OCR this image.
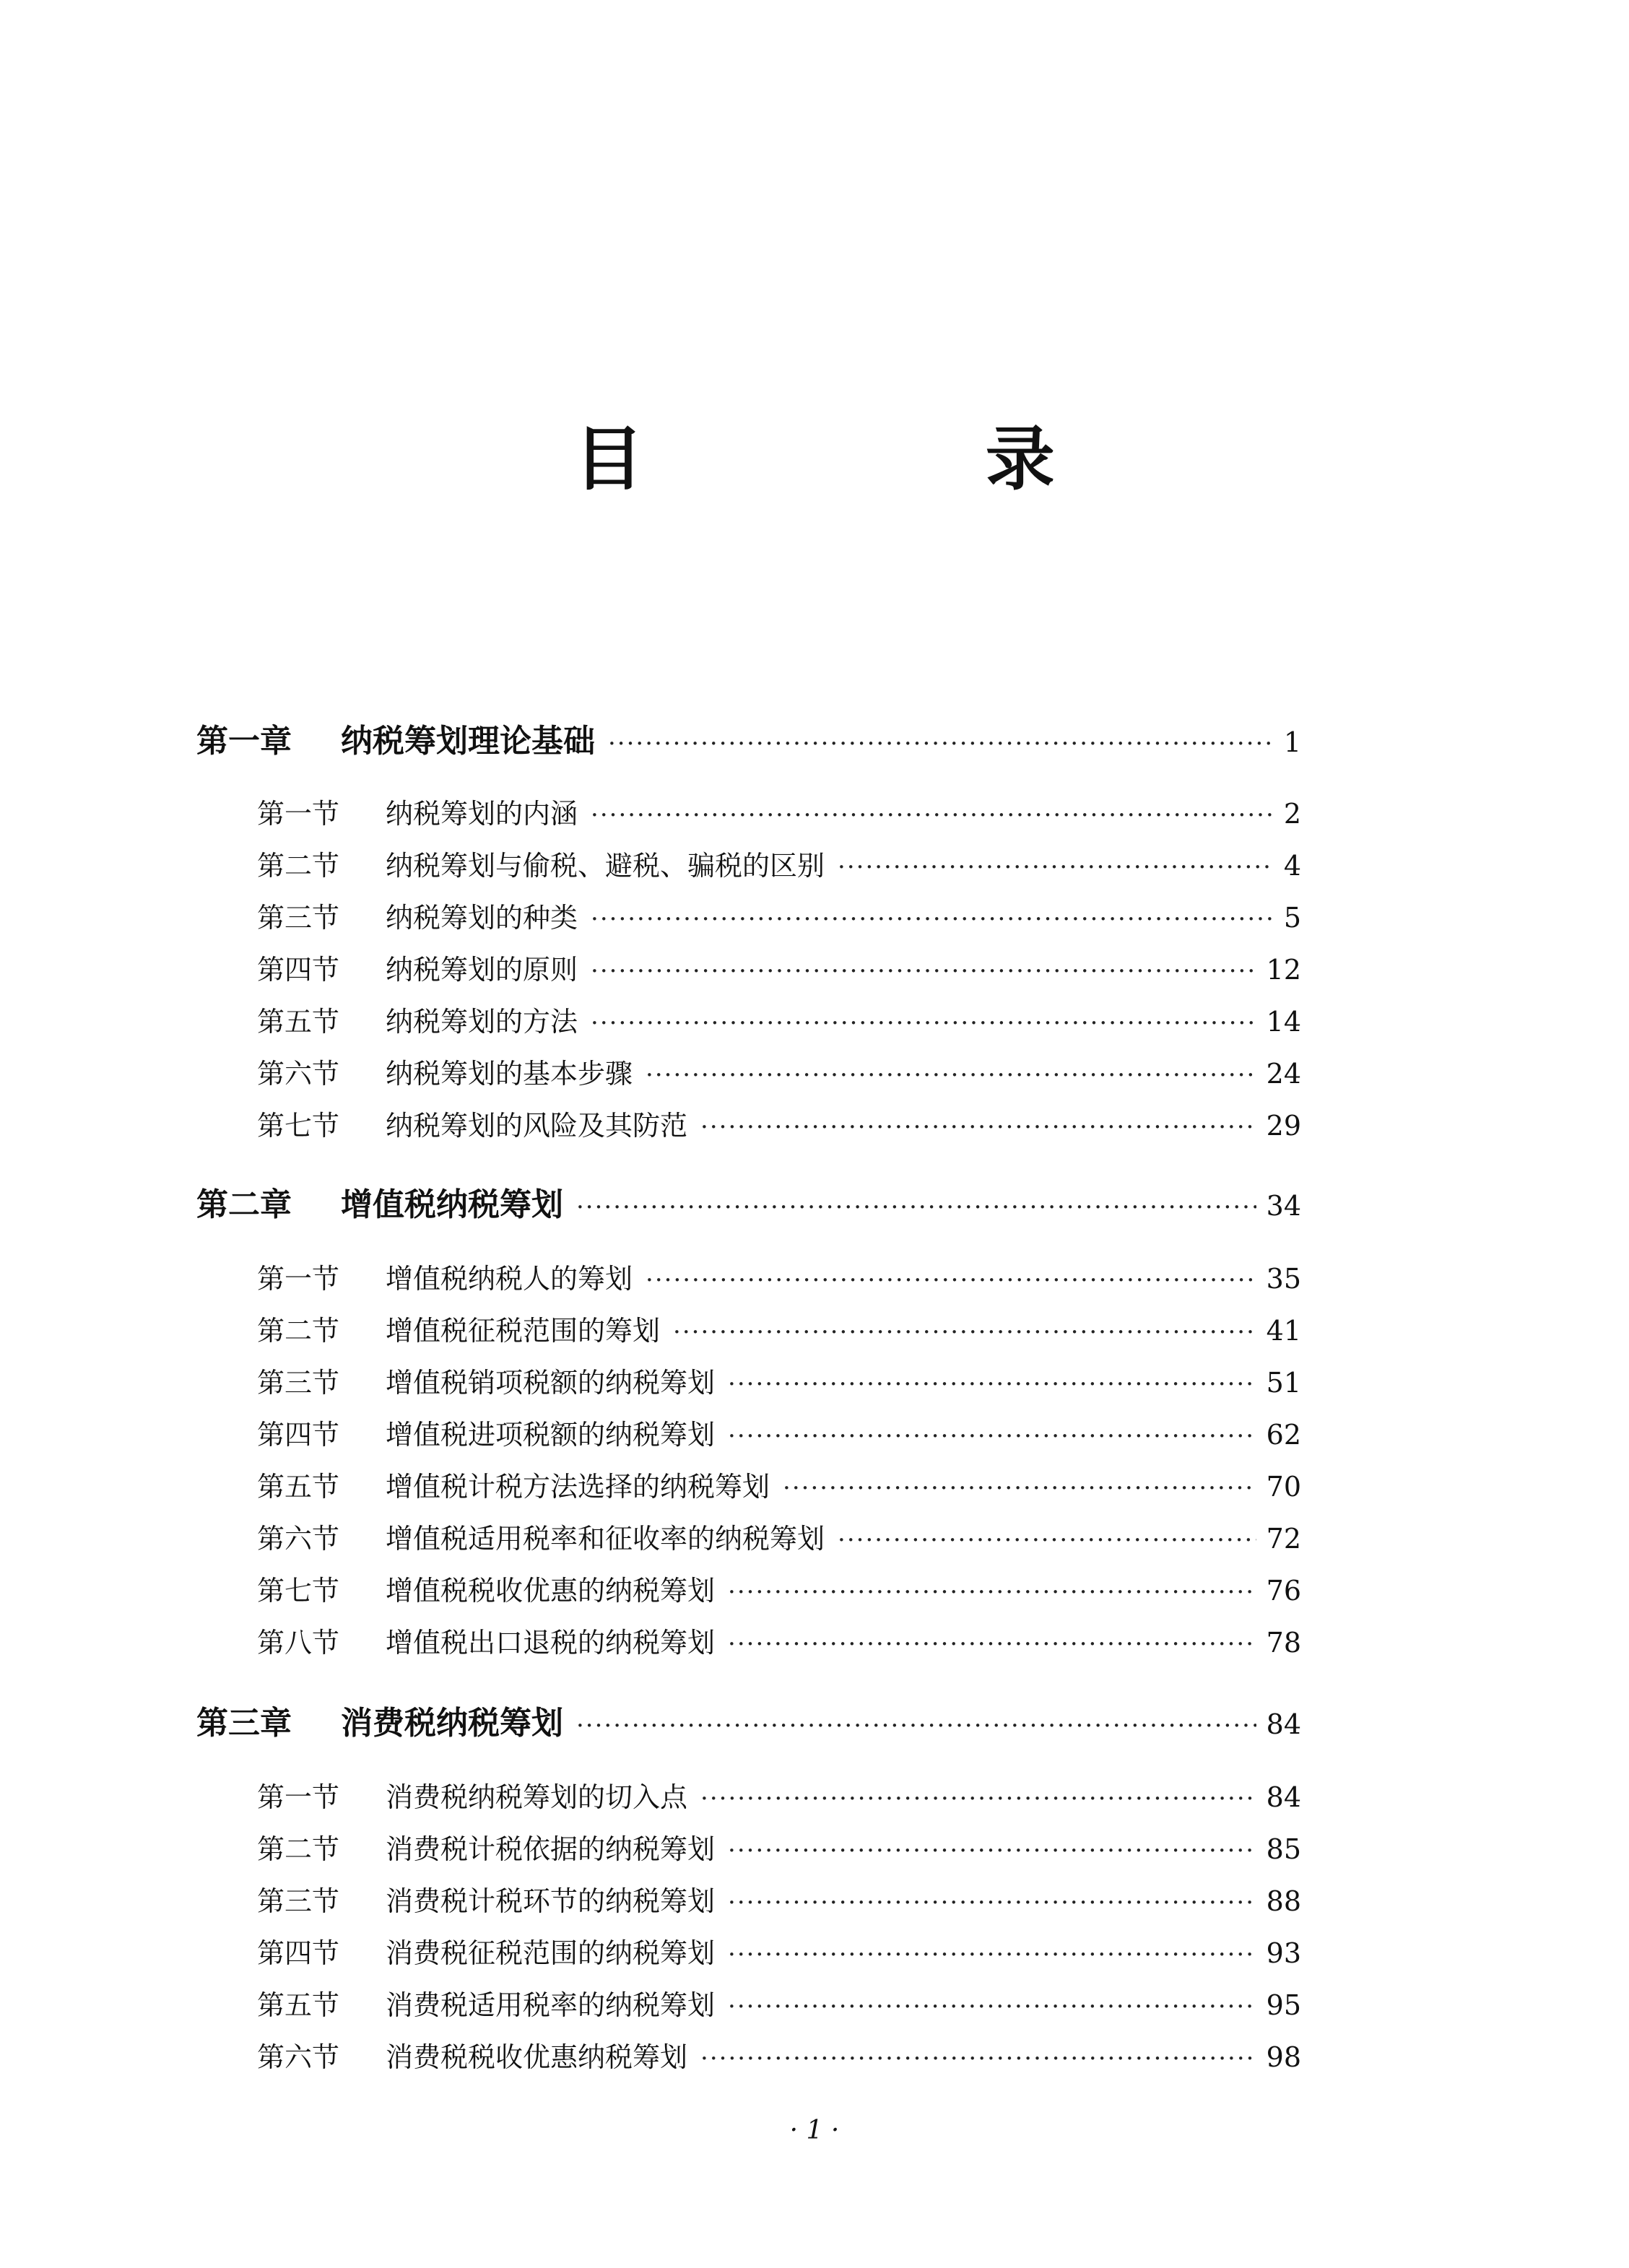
目 录
第一章	纳税筹划理论基础 ·····	1
第一节	纳税筹划的内涵 ·····	2
第二节	纳税筹划与偷税、避税、骗税的区别 ·····	4
第三节	纳税筹划的种类 ·····	5
第四节	纳税筹划的原则 ·····	12
第五节	纳税筹划的方法 ·····	14
第六节	纳税筹划的基本步骤 ·····	24
第七节	纳税筹划的风险及其防范 ·····	29
第二章	增值税纳税筹划 ·····	34
第一节	增值税纳税人的筹划 ·····	35
第二节	增值税征税范围的筹划 ·····	41
第三节	增值税销项税额的纳税筹划 ·····	51
第四节	增值税进项税额的纳税筹划 ·····	62
第五节	增值税计税方法选择的纳税筹划 ·····	70
第六节	增值税适用税率和征收率的纳税筹划 ·····	72
第七节	增值税税收优惠的纳税筹划 ·····	76
第八节	增值税出口退税的纳税筹划 ·····	78
第三章	消费税纳税筹划 ·····	84
第一节	消费税纳税筹划的切入点 ·····	84
第二节	消费税计税依据的纳税筹划 ·····	85
第三节	消费税计税环节的纳税筹划 ·····	88
第四节	消费税征税范围的纳税筹划 ·····	93
第五节	消费税适用税率的纳税筹划 ·····	95
第六节	消费税税收优惠纳税筹划 ·····	98
· 1 ·
